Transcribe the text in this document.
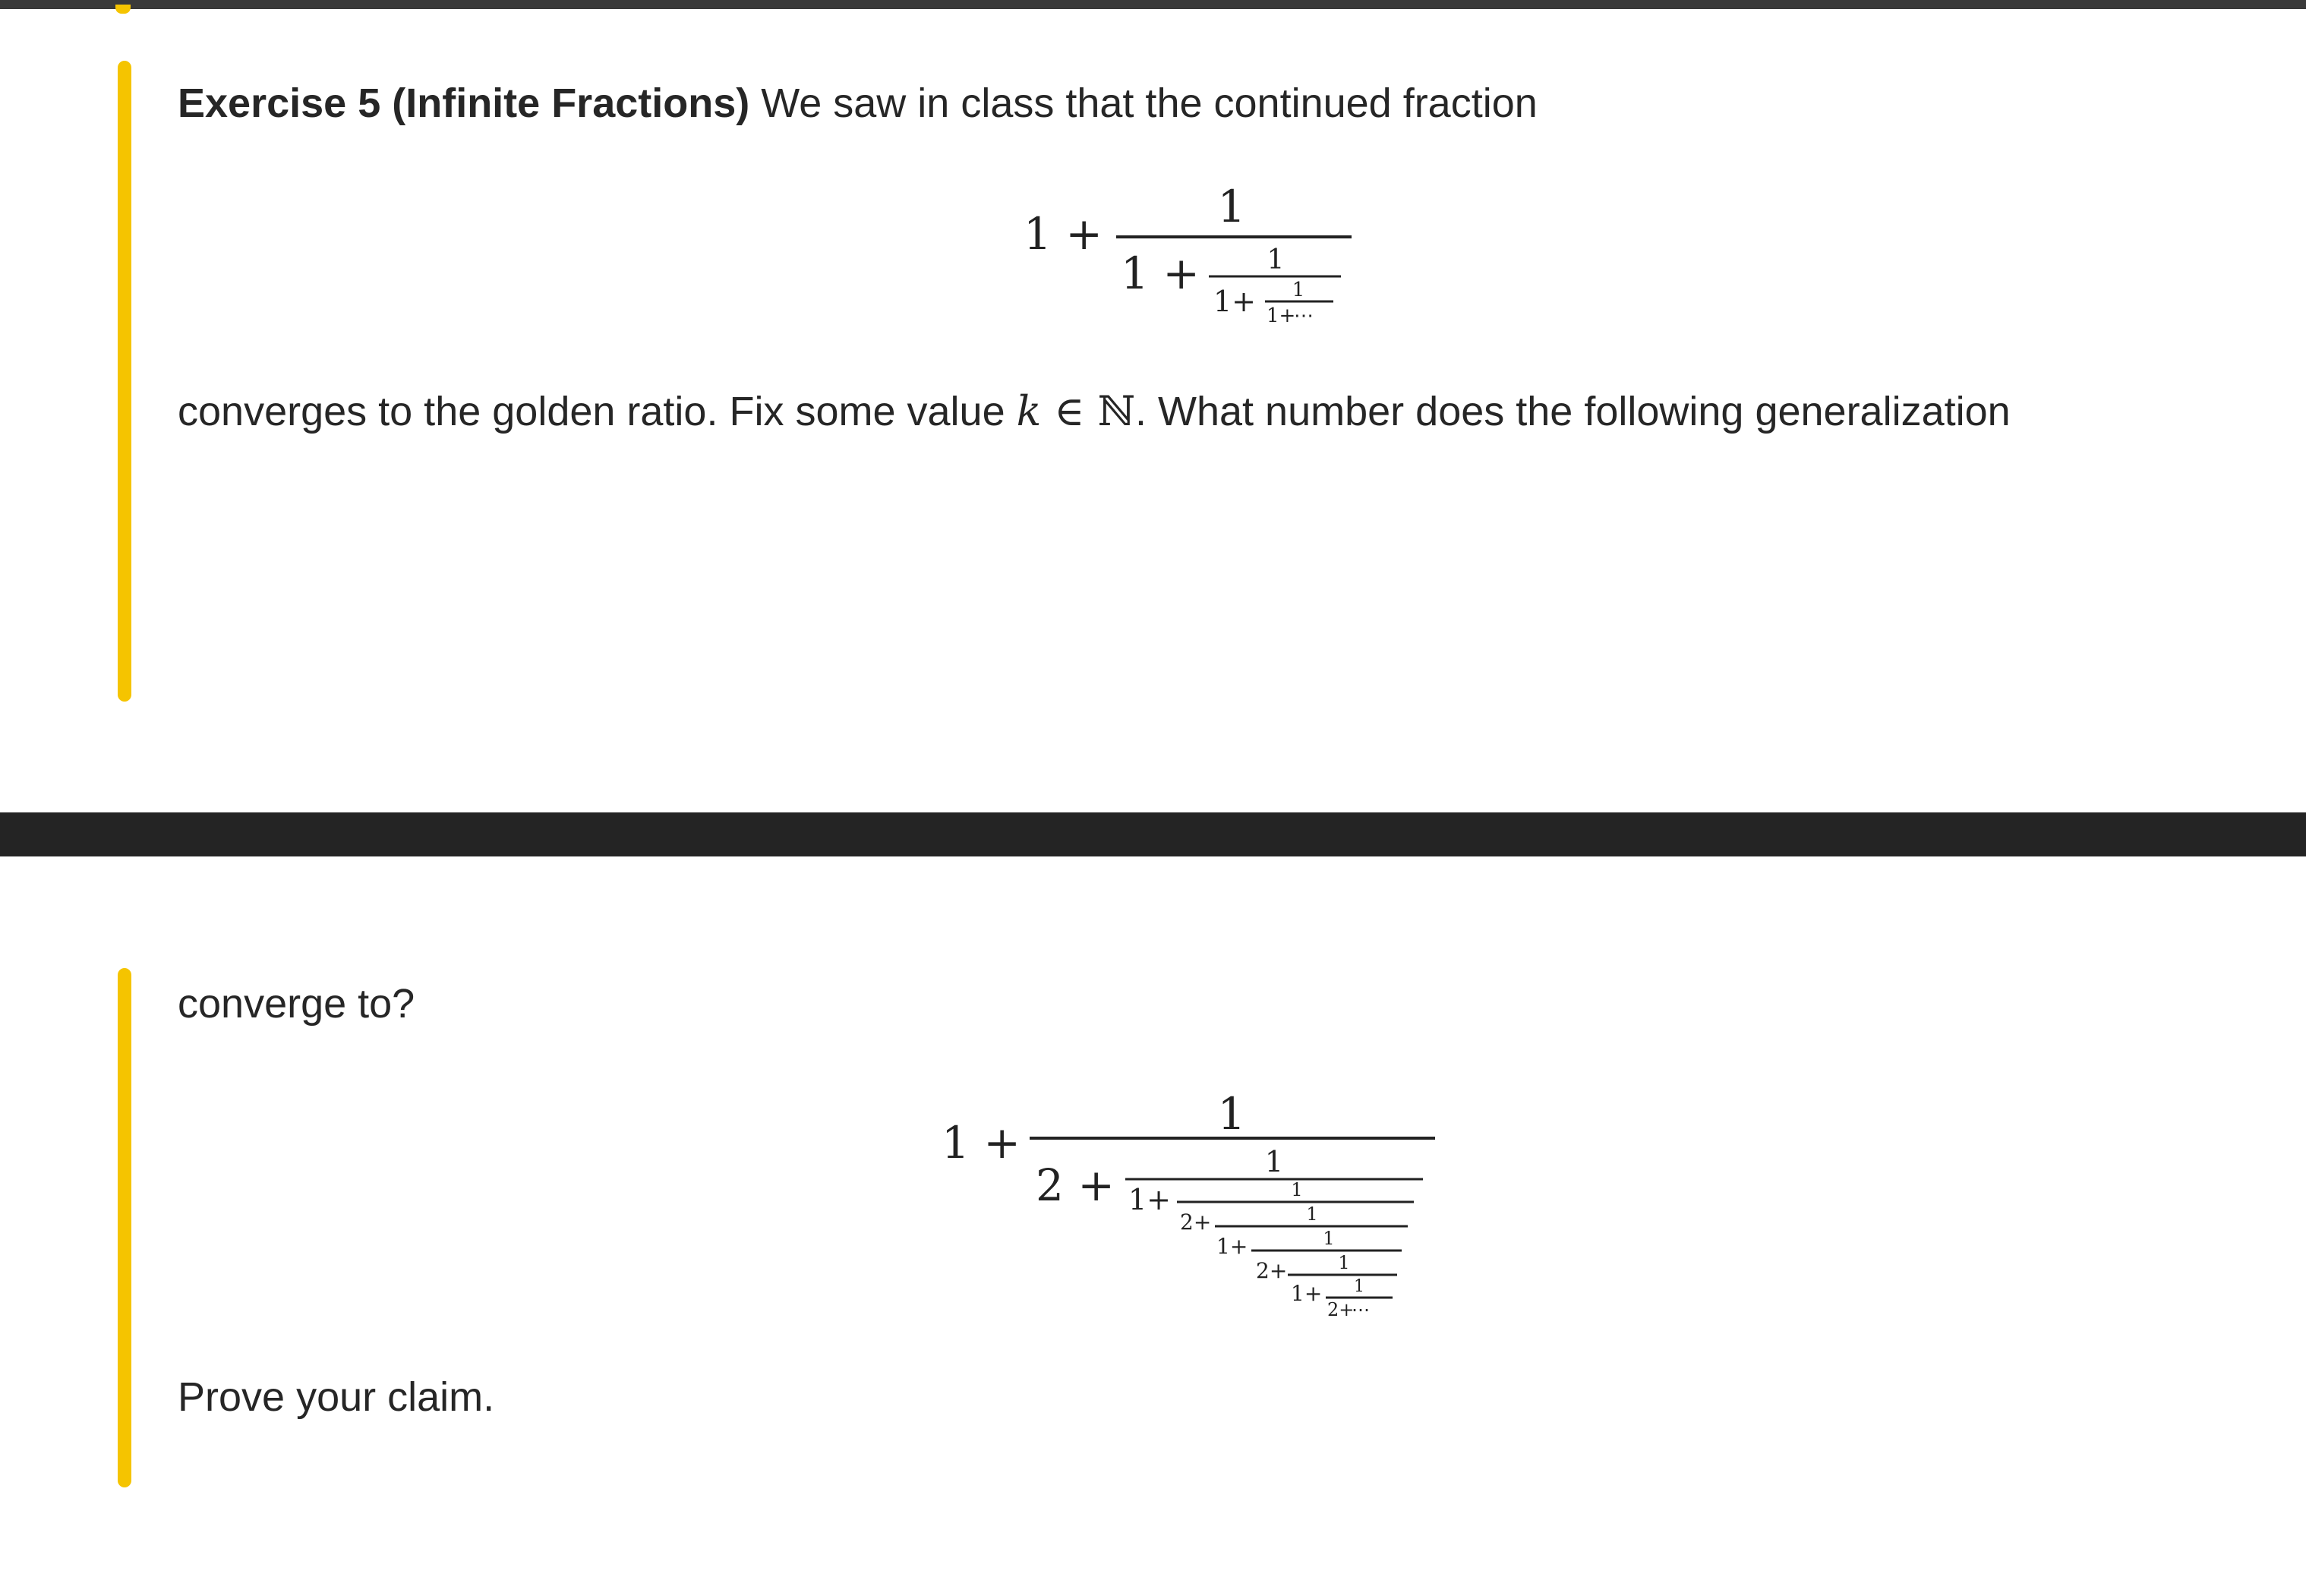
Exercise 5 (Infinite Fractions) We saw in class that the continued fraction
1 +
1
1 + 1
1+ 1
1+
⋯
converges to the golden ratio. Fix some value k ∈ ℕ. What number does the following generalization
converge to?
1 +
1
2 +	1
1+	1
2+	1
1+	1
2+	1
1+ 1
2+
⋯
Prove your claim.
